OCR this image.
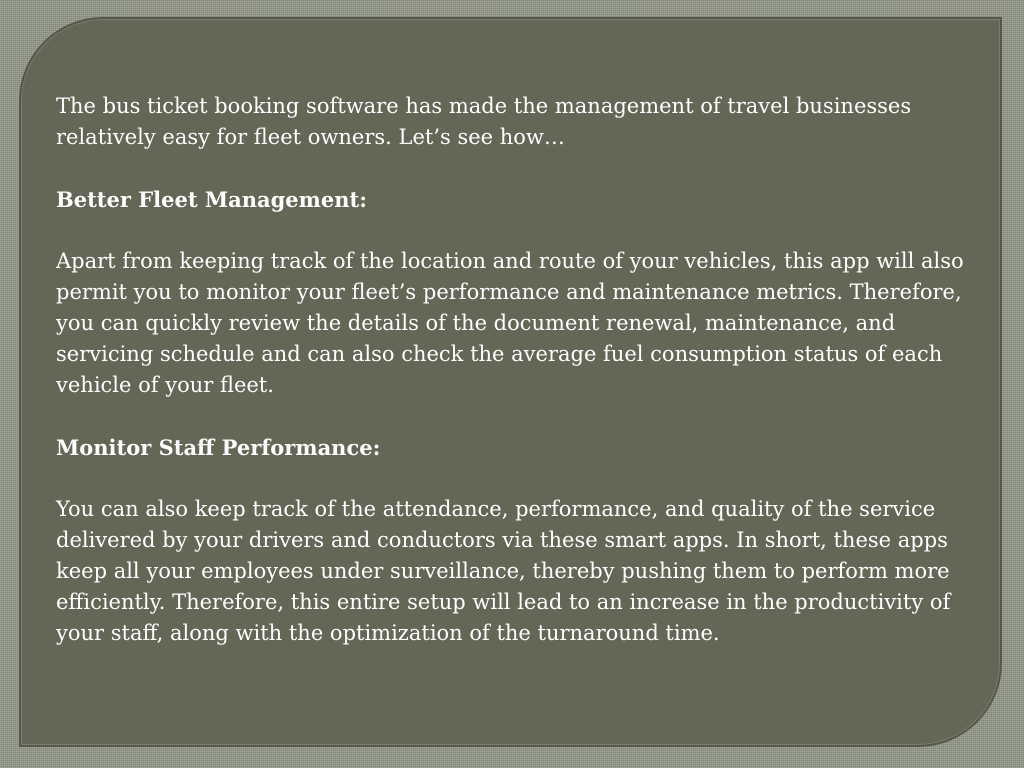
The bus ticket booking software has made the management of travel businesses relatively easy for fleet owners. Let’s see how…

Better Fleet Management:

Apart from keeping track of the location and route of your vehicles, this app will also permit you to monitor your fleet’s performance and maintenance metrics. Therefore, you can quickly review the details of the document renewal, maintenance, and servicing schedule and can also check the average fuel consumption status of each vehicle of your fleet.

Monitor Staff Performance:

You can also keep track of the attendance, performance, and quality of the service delivered by your drivers and conductors via these smart apps. In short, these apps keep all your employees under surveillance, thereby pushing them to perform more efficiently. Therefore, this entire setup will lead to an increase in the productivity of your staff, along with the optimization of the turnaround time.
